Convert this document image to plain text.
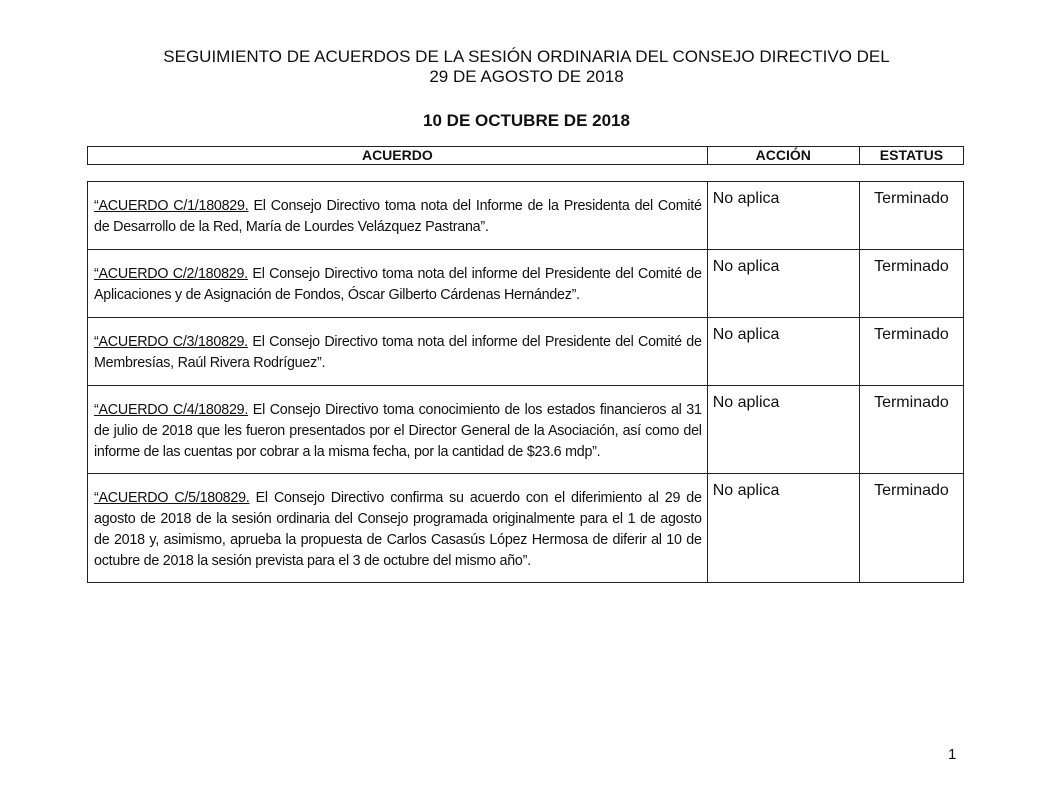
SEGUIMIENTO DE ACUERDOS DE LA SESIÓN ORDINARIA DEL CONSEJO DIRECTIVO DEL
29 DE AGOSTO DE 2018
10 DE OCTUBRE DE 2018
ACUERDO	ACCIÓN	ESTATUS
“ACUERDO C/1/180829. El Consejo Directivo toma nota del Informe de la Presidenta del Comité de Desarrollo de la Red, María de Lourdes Velázquez Pastrana”.	No aplica	Terminado
“ACUERDO C/2/180829. El Consejo Directivo toma nota del informe del Presidente del Comité de Aplicaciones y de Asignación de Fondos, Óscar Gilberto Cárdenas Hernández”.	No aplica	Terminado
“ACUERDO C/3/180829. El Consejo Directivo toma nota del informe del Presidente del Comité de Membresías, Raúl Rivera Rodríguez”.	No aplica	Terminado
“ACUERDO C/4/180829. El Consejo Directivo toma conocimiento de los estados financieros al 31 de julio de 2018 que les fueron presentados por el Director General de la Asociación, así como del informe de las cuentas por cobrar a la misma fecha, por la cantidad de $23.6 mdp”.	No aplica	Terminado
“ACUERDO C/5/180829. El Consejo Directivo confirma su acuerdo con el diferimiento al 29 de agosto de 2018 de la sesión ordinaria del Consejo programada originalmente para el 1 de agosto de 2018 y, asimismo, aprueba la propuesta de Carlos Casasús López Hermosa de diferir al 10 de octubre de 2018 la sesión prevista para el 3 de octubre del mismo año”.	No aplica	Terminado
1
